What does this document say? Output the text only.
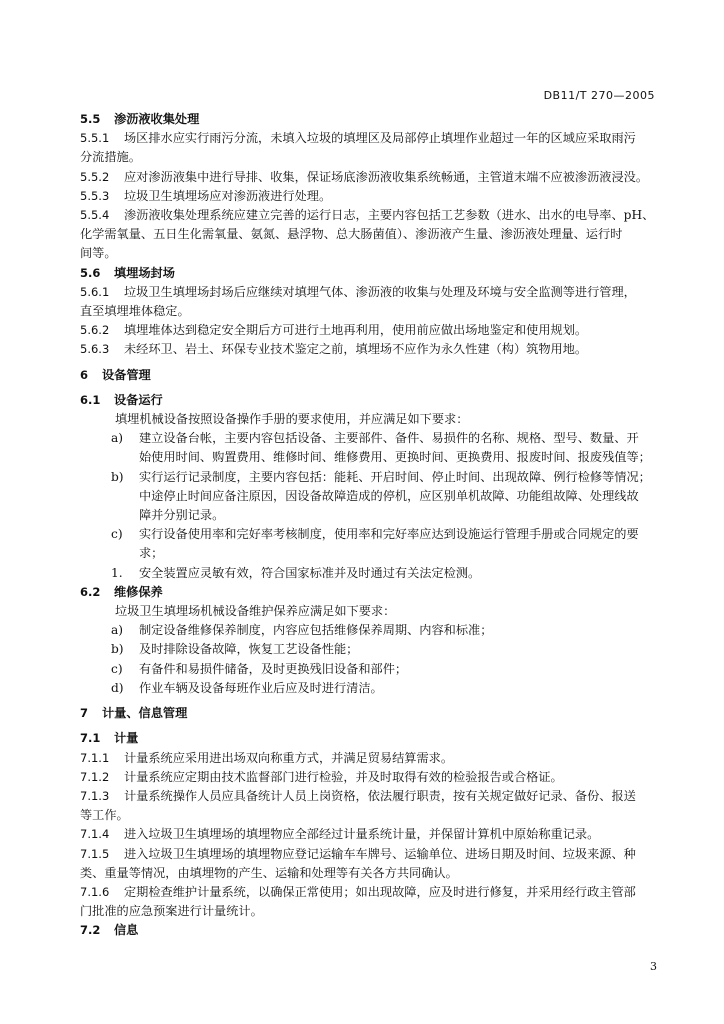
DB11/T 270—2005
5.5 渗沥液收集处理
5.5.1 场区排水应实行雨污分流，未填入垃圾的填埋区及局部停止填埋作业超过一年的区域应采取雨污
分流措施。
5.5.2 应对渗沥液集中进行导排、收集，保证场底渗沥液收集系统畅通，主管道末端不应被渗沥液浸没。
5.5.3 垃圾卫生填埋场应对渗沥液进行处理。
5.5.4 渗沥液收集处理系统应建立完善的运行日志，主要内容包括工艺参数（进水、出水的电导率、pH、
化学需氧量、五日生化需氧量、氨氮、悬浮物、总大肠菌值）、渗沥液产生量、渗沥液处理量、运行时
间等。
5.6 填埋场封场
5.6.1 垃圾卫生填埋场封场后应继续对填埋气体、渗沥液的收集与处理及环境与安全监测等进行管理，
直至填埋堆体稳定。
5.6.2 填埋堆体达到稳定安全期后方可进行土地再利用，使用前应做出场地鉴定和使用规划。
5.6.3 未经环卫、岩土、环保专业技术鉴定之前，填埋场不应作为永久性建（构）筑物用地。
6 设备管理
6.1 设备运行
填埋机械设备按照设备操作手册的要求使用，并应满足如下要求：
a) 建立设备台帐，主要内容包括设备、主要部件、备件、易损件的名称、规格、型号、数量、开
始使用时间、购置费用、维修时间、维修费用、更换时间、更换费用、报废时间、报废残值等；
b) 实行运行记录制度，主要内容包括：能耗、开启时间、停止时间、出现故障、例行检修等情况；
中途停止时间应备注原因，因设备故障造成的停机，应区别单机故障、功能组故障、处理线故
障并分别记录。
c) 实行设备使用率和完好率考核制度，使用率和完好率应达到设施运行管理手册或合同规定的要
求；
1. 安全装置应灵敏有效，符合国家标准并及时通过有关法定检测。
6.2 维修保养
垃圾卫生填埋场机械设备维护保养应满足如下要求：
a) 制定设备维修保养制度，内容应包括维修保养周期、内容和标准；
b) 及时排除设备故障，恢复工艺设备性能；
c) 有备件和易损件储备，及时更换残旧设备和部件；
d) 作业车辆及设备每班作业后应及时进行清洁。
7 计量、信息管理
7.1 计量
7.1.1 计量系统应采用进出场双向称重方式，并满足贸易结算需求。
7.1.2 计量系统应定期由技术监督部门进行检验，并及时取得有效的检验报告或合格证。
7.1.3 计量系统操作人员应具备统计人员上岗资格，依法履行职责，按有关规定做好记录、备份、报送
等工作。
7.1.4 进入垃圾卫生填埋场的填埋物应全部经过计量系统计量，并保留计算机中原始称重记录。
7.1.5 进入垃圾卫生填埋场的填埋物应登记运输车车牌号、运输单位、进场日期及时间、垃圾来源、种
类、重量等情况，由填埋物的产生、运输和处理等有关各方共同确认。
7.1.6 定期检查维护计量系统，以确保正常使用；如出现故障，应及时进行修复，并采用经行政主管部
门批准的应急预案进行计量统计。
7.2 信息
3
